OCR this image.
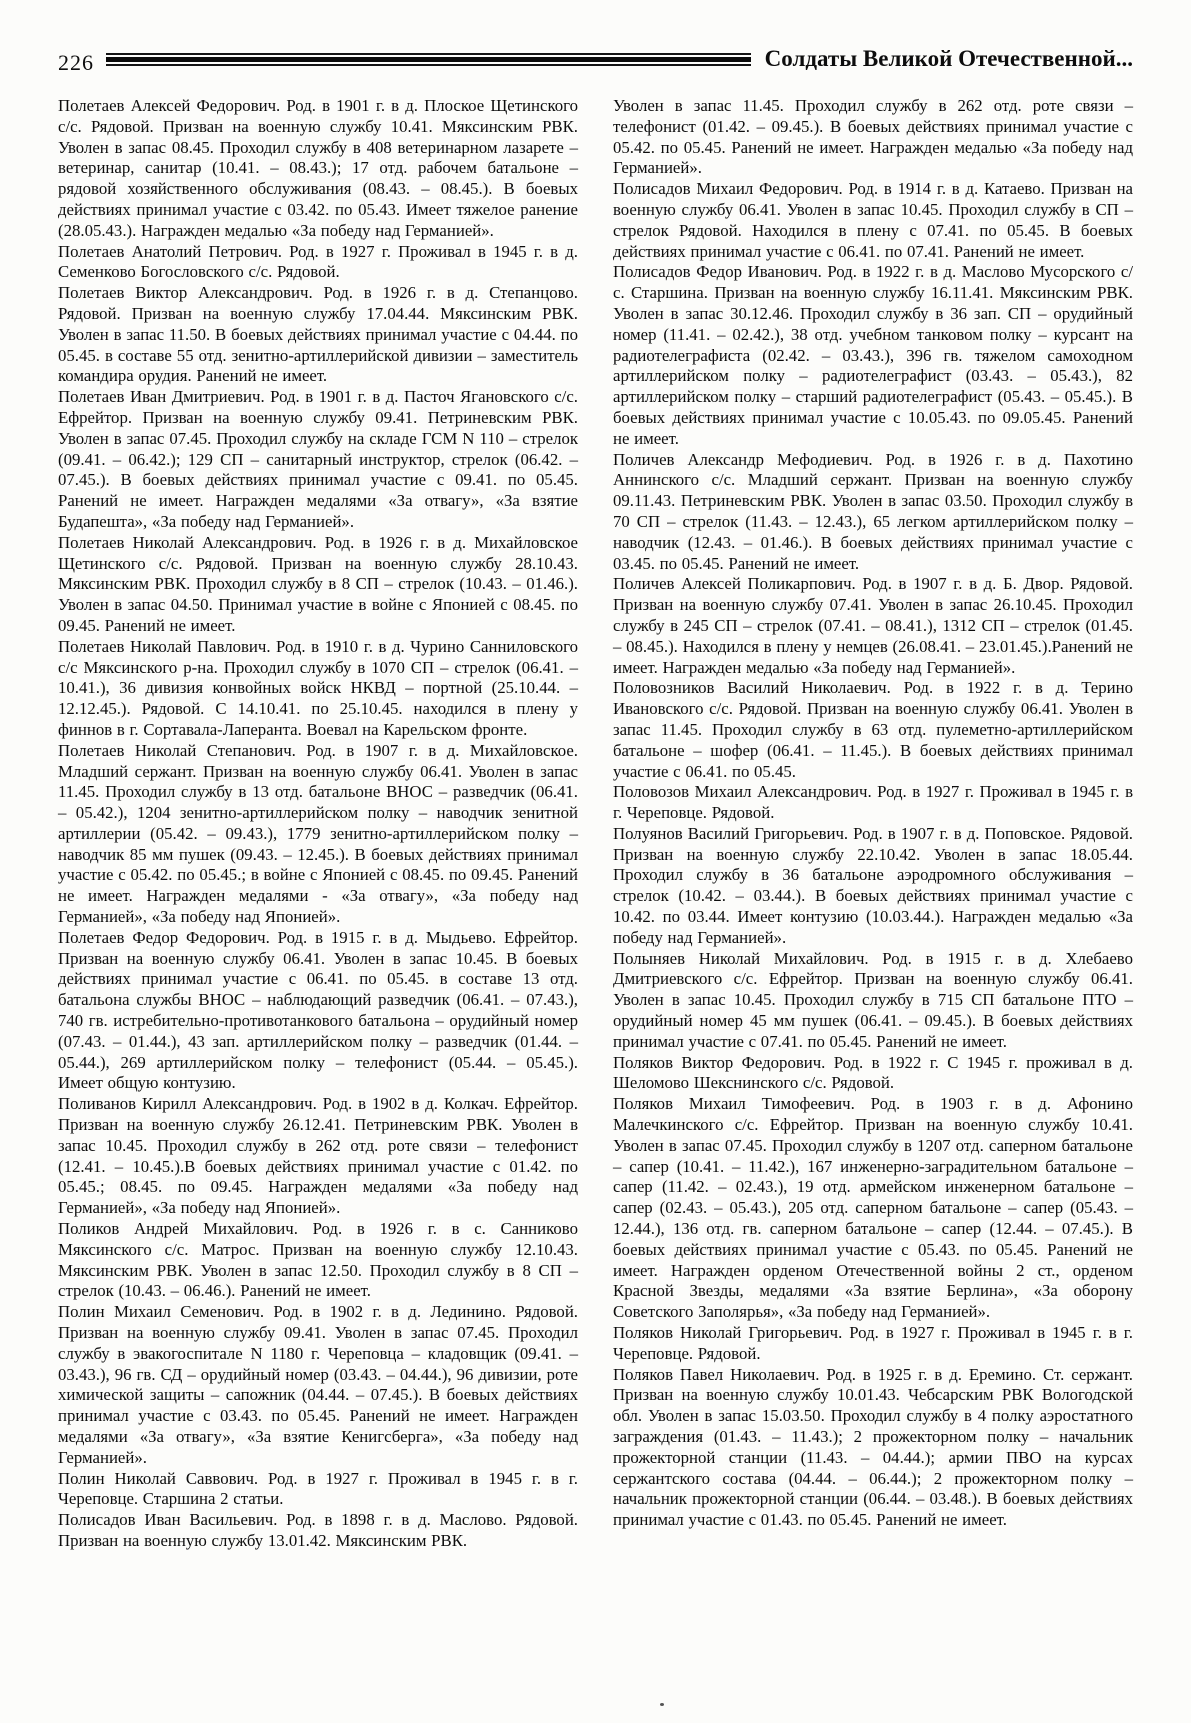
226	Солдаты Великой Отечественной...

Полетаев Алексей Федорович. Род. в 1901 г. в д. Плоское Щетинского с/с. Рядовой. Призван на военную службу 10.41. Мяксинским РВК. Уволен в запас 08.45. Проходил службу в 408 ветеринарном лазарете – ветеринар, санитар (10.41. – 08.43.); 17 отд. рабочем батальоне – рядовой хозяйственного обслуживания (08.43. – 08.45.). В боевых действиях принимал участие с 03.42. по 05.43. Имеет тяжелое ранение (28.05.43.). Награжден медалью «За победу над Германией».

Полетаев Анатолий Петрович. Род. в 1927 г. Проживал в 1945 г. в д. Семенково Богословского с/с. Рядовой.

Полетаев Виктор Александрович. Род. в 1926 г. в д. Степанцово. Рядовой. Призван на военную службу 17.04.44. Мяксинским РВК. Уволен в запас 11.50. В боевых действиях принимал участие с 04.44. по 05.45. в составе 55 отд. зенитно-артиллерийской дивизии – заместитель командира орудия. Ранений не имеет.

Полетаев Иван Дмитриевич. Род. в 1901 г. в д. Пасточ Ягановского с/с. Ефрейтор. Призван на военную службу 09.41. Петриневским РВК. Уволен в запас 07.45. Проходил службу на складе ГСМ N 110 – стрелок (09.41. – 06.42.); 129 СП – санитарный инструктор, стрелок (06.42. – 07.45.). В боевых действиях принимал участие с 09.41. по 05.45. Ранений не имеет. Награжден медалями «За отвагу», «За взятие Будапешта», «За победу над Германией».

Полетаев Николай Александрович. Род. в 1926 г. в д. Михайловское Щетинского с/с. Рядовой. Призван на военную службу 28.10.43. Мяксинским РВК. Проходил службу в 8 СП – стрелок (10.43. – 01.46.). Уволен в запас 04.50. Принимал участие в войне с Японией с 08.45. по 09.45. Ранений не имеет.

Полетаев Николай Павлович. Род. в 1910 г. в д. Чурино Санниловского с/с Мяксинского р-на. Проходил службу в 1070 СП – стрелок (06.41. – 10.41.), 36 дивизия конвойных войск НКВД – портной (25.10.44. – 12.12.45.). Рядовой. С 14.10.41. по 25.10.45. находился в плену у финнов в г. Сортавала-Лаперанта. Воевал на Карельском фронте.

Полетаев Николай Степанович. Род. в 1907 г. в д. Михайловское. Младший сержант. Призван на военную службу 06.41. Уволен в запас 11.45. Проходил службу в 13 отд. батальоне ВНОС – разведчик (06.41. – 05.42.), 1204 зенитно-артиллерийском полку – наводчик зенитной артиллерии (05.42. – 09.43.), 1779 зенитно-артиллерийском полку – наводчик 85 мм пушек (09.43. – 12.45.). В боевых действиях принимал участие с 05.42. по 05.45.; в войне с Японией с 08.45. по 09.45. Ранений не имеет. Награжден медалями - «За отвагу», «За победу над Германией», «За победу над Японией».

Полетаев Федор Федорович. Род. в 1915 г. в д. Мыдьево. Ефрейтор. Призван на военную службу 06.41. Уволен в запас 10.45. В боевых действиях принимал участие с 06.41. по 05.45. в составе 13 отд. батальона службы ВНОС – наблюдающий разведчик (06.41. – 07.43.), 740 гв. истребительно-противотанкового батальона – орудийный номер (07.43. – 01.44.), 43 зап. артиллерийском полку – разведчик (01.44. – 05.44.), 269 артиллерийском полку – телефонист (05.44. – 05.45.). Имеет общую контузию.

Поливанов Кирилл Александрович. Род. в 1902 в д. Колкач. Ефрейтор. Призван на военную службу 26.12.41. Петриневским РВК. Уволен в запас 10.45. Проходил службу в 262 отд. роте связи – телефонист (12.41. – 10.45.).В боевых действиях принимал участие с 01.42. по 05.45.; 08.45. по 09.45. Награжден медалями «За победу над Германией», «За победу над Японией».

Поликов Андрей Михайлович. Род. в 1926 г. в с. Санниково Мяксинского с/с. Матрос. Призван на военную службу 12.10.43. Мяксинским РВК. Уволен в запас 12.50. Проходил службу в 8 СП – стрелок (10.43. – 06.46.). Ранений не имеет.

Полин Михаил Семенович. Род. в 1902 г. в д. Лединино. Рядовой. Призван на военную службу 09.41. Уволен в запас 07.45. Проходил службу в эвакогоспитале N 1180 г. Череповца – кладовщик (09.41. – 03.43.), 96 гв. СД – орудийный номер (03.43. – 04.44.), 96 дивизии, роте химической защиты – сапожник (04.44. – 07.45.). В боевых действиях принимал участие с 03.43. по 05.45. Ранений не имеет. Награжден медалями «За отвагу», «За взятие Кенигсберга», «За победу над Германией».

Полин Николай Саввович. Род. в 1927 г. Проживал в 1945 г. в г. Череповце. Старшина 2 статьи.

Полисадов Иван Васильевич. Род. в 1898 г. в д. Маслово. Рядовой. Призван на военную службу 13.01.42. Мяксинским РВК.

Уволен в запас 11.45. Проходил службу в 262 отд. роте связи – телефонист (01.42. – 09.45.). В боевых действиях принимал участие с 05.42. по 05.45. Ранений не имеет. Награжден медалью «За победу над Германией».

Полисадов Михаил Федорович. Род. в 1914 г. в д. Катаево. Призван на военную службу 06.41. Уволен в запас 10.45. Проходил службу в СП – стрелок Рядовой. Находился в плену с 07.41. по 05.45. В боевых действиях принимал участие с 06.41. по 07.41. Ранений не имеет.

Полисадов Федор Иванович. Род. в 1922 г. в д. Маслово Мусорского с/с. Старшина. Призван на военную службу 16.11.41. Мяксинским РВК. Уволен в запас 30.12.46. Проходил службу в 36 зап. СП – орудийный номер (11.41. – 02.42.), 38 отд. учебном танковом полку – курсант на радиотелеграфиста (02.42. – 03.43.), 396 гв. тяжелом самоходном артиллерийском полку – радиотелеграфист (03.43. – 05.43.), 82 артиллерийском полку – старший радиотелеграфист (05.43. – 05.45.). В боевых действиях принимал участие с 10.05.43. по 09.05.45. Ранений не имеет.

Поличев Александр Мефодиевич. Род. в 1926 г. в д. Пахотино Аннинского с/с. Младший сержант. Призван на военную службу 09.11.43. Петриневским РВК. Уволен в запас 03.50. Проходил службу в 70 СП – стрелок (11.43. – 12.43.), 65 легком артиллерийском полку – наводчик (12.43. – 01.46.). В боевых действиях принимал участие с 03.45. по 05.45. Ранений не имеет.

Поличев Алексей Поликарпович. Род. в 1907 г. в д. Б. Двор. Рядовой. Призван на военную службу 07.41. Уволен в запас 26.10.45. Проходил службу в 245 СП – стрелок (07.41. – 08.41.), 1312 СП – стрелок (01.45. – 08.45.). Находился в плену у немцев (26.08.41. – 23.01.45.).Ранений не имеет. Награжден медалью «За победу над Германией».

Половозников Василий Николаевич. Род. в 1922 г. в д. Терино Ивановского с/с. Рядовой. Призван на военную службу 06.41. Уволен в запас 11.45. Проходил службу в 63 отд. пулеметно-артиллерийском батальоне – шофер (06.41. – 11.45.). В боевых действиях принимал участие с 06.41. по 05.45.

Половозов Михаил Александрович. Род. в 1927 г. Проживал в 1945 г. в г. Череповце. Рядовой.

Полуянов Василий Григорьевич. Род. в 1907 г. в д. Поповское. Рядовой. Призван на военную службу 22.10.42. Уволен в запас 18.05.44. Проходил службу в 36 батальоне аэродромного обслуживания – стрелок (10.42. – 03.44.). В боевых действиях принимал участие с 10.42. по 03.44. Имеет контузию (10.03.44.). Награжден медалью «За победу над Германией».

Полыняев Николай Михайлович. Род. в 1915 г. в д. Хлебаево Дмитриевского с/с. Ефрейтор. Призван на военную службу 06.41. Уволен в запас 10.45. Проходил службу в 715 СП батальоне ПТО – орудийный номер 45 мм пушек (06.41. – 09.45.). В боевых действиях принимал участие с 07.41. по 05.45. Ранений не имеет.

Поляков Виктор Федорович. Род. в 1922 г. С 1945 г. проживал в д. Шеломово Шекснинского с/с. Рядовой.

Поляков Михаил Тимофеевич. Род. в 1903 г. в д. Афонино Малечкинского с/с. Ефрейтор. Призван на военную службу 10.41. Уволен в запас 07.45. Проходил службу в 1207 отд. саперном батальоне – сапер (10.41. – 11.42.), 167 инженерно-заградительном батальоне – сапер (11.42. – 02.43.), 19 отд. армейском инженерном батальоне – сапер (02.43. – 05.43.), 205 отд. саперном батальоне – сапер (05.43. – 12.44.), 136 отд. гв. саперном батальоне – сапер (12.44. – 07.45.). В боевых действиях принимал участие с 05.43. по 05.45. Ранений не имеет. Награжден орденом Отечественной войны 2 ст., орденом Красной Звезды, медалями «За взятие Берлина», «За оборону Советского Заполярья», «За победу над Германией».

Поляков Николай Григорьевич. Род. в 1927 г. Проживал в 1945 г. в г. Череповце. Рядовой.

Поляков Павел Николаевич. Род. в 1925 г. в д. Еремино. Ст. сержант. Призван на военную службу 10.01.43. Чебсарским РВК Вологодской обл. Уволен в запас 15.03.50. Проходил службу в 4 полку аэростатного заграждения (01.43. – 11.43.); 2 прожекторном полку – начальник прожекторной станции (11.43. – 04.44.); армии ПВО на курсах сержантского состава (04.44. – 06.44.); 2 прожекторном полку – начальник прожекторной станции (06.44. – 03.48.). В боевых действиях принимал участие с 01.43. по 05.45. Ранений не имеет.
